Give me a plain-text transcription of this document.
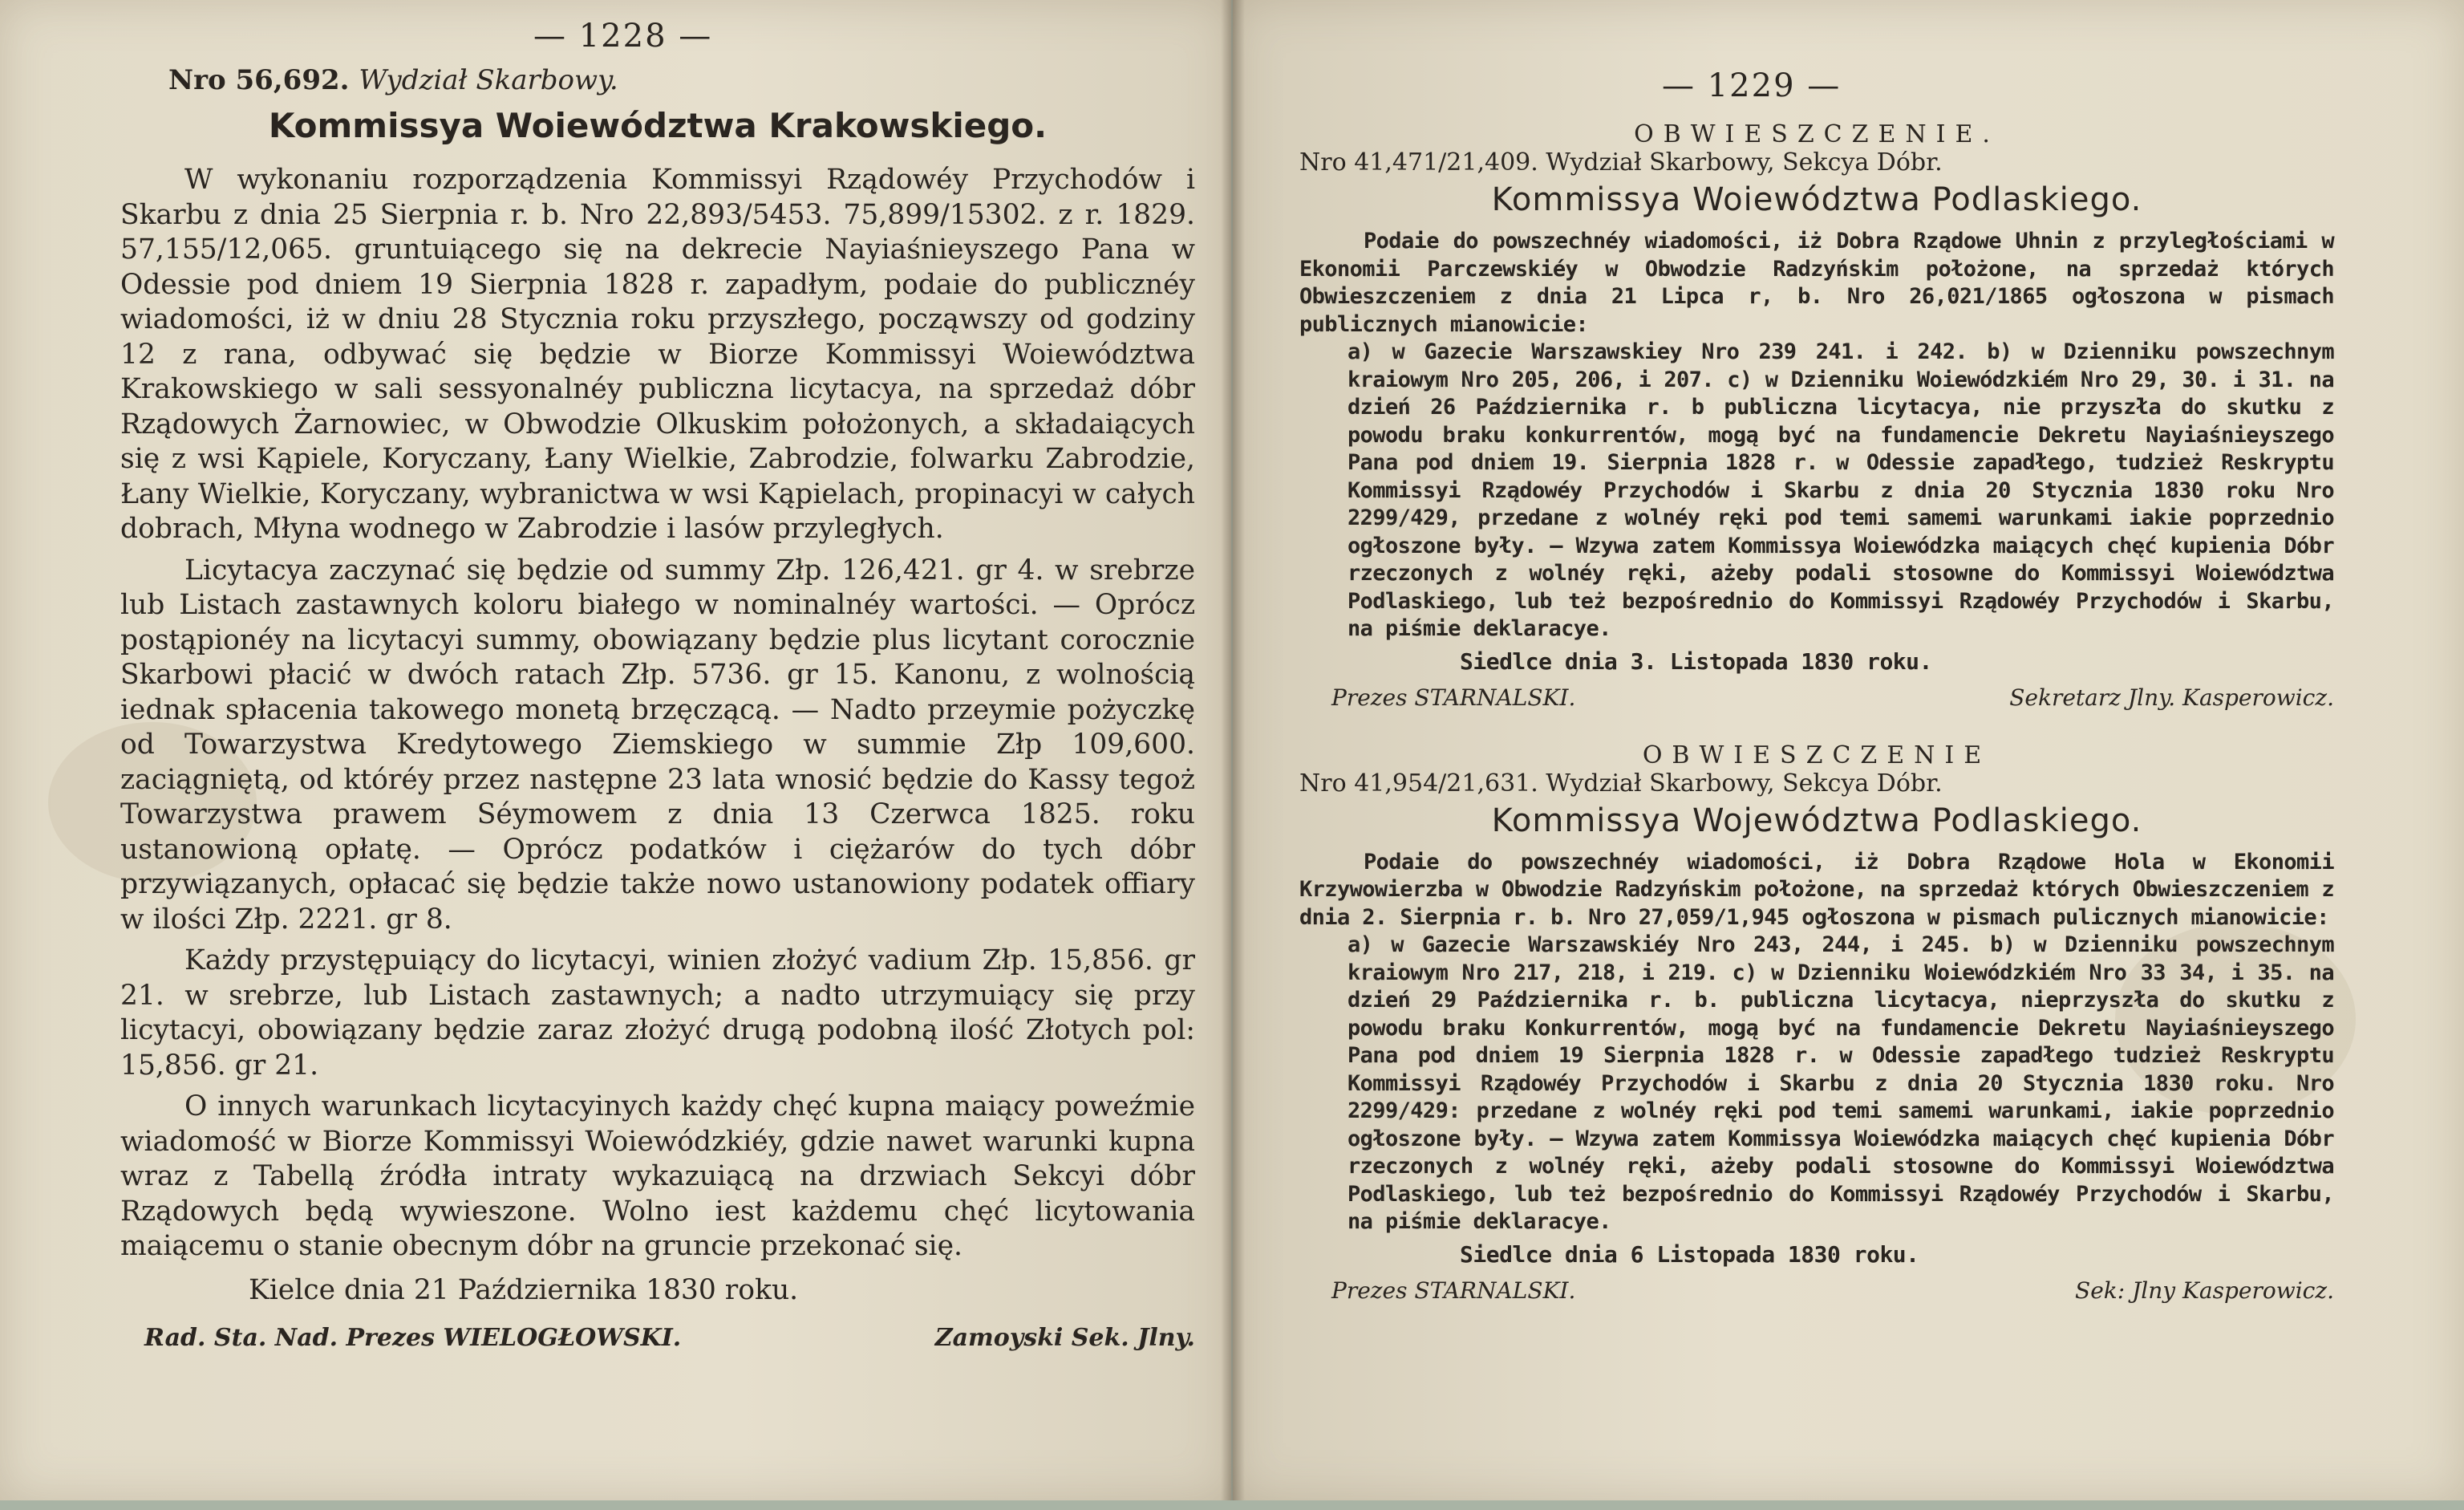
— 1228 —
Nro 56,692. Wydział Skarbowy.
Kommissya Woiewództwa Krakowskiego.

W wykonaniu rozporządzenia Kommissyi Rządowéy Przychodów i Skarbu z dnia 25 Sierpnia r. b. Nro 22,893/5453. 75,899/15302. z r. 1829. 57,155/12,065. gruntuiącego się na dekrecie Nayiaśnieyszego Pana w Odessie pod dniem 19 Sierpnia 1828 r. zapadłym, podaie do publicznéy wiadomości, iż w dniu 28 Stycznia roku przyszłego, począwszy od godziny 12 z rana, odbywać się będzie w Biorze Kommissyi Woiewództwa Krakowskiego w sali sessyonalnéy publiczna licytacya, na sprzedaż dóbr Rządowych Żarnowiec, w Obwodzie Olkuskim położonych, a składaiących się z wsi Kąpiele, Koryczany, Łany Wielkie, Zabrodzie, folwarku Zabrodzie, Łany Wielkie, Koryczany, wybranictwa w wsi Kąpielach, propinacyi w całych dobrach, Młyna wodnego w Zabrodzie i lasów przyległych.

Licytacya zaczynać się będzie od summy Złp. 126,421. gr 4. w srebrze lub Listach zastawnych koloru białego w nominalnéy wartości. — Oprócz postąpionéy na licytacyi summy, obowiązany będzie plus licytant corocznie Skarbowi płacić w dwóch ratach Złp. 5736. gr 15. Kanonu, z wolnością iednak spłacenia takowego monetą brzęczącą. — Nadto przeymie pożyczkę od Towarzystwa Kredytowego Ziemskiego w summie Złp 109,600. zaciągniętą, od któréy przez następne 23 lata wnosić będzie do Kassy tegoż Towarzystwa prawem Séymowem z dnia 13 Czerwca 1825. roku ustanowioną opłatę. — Oprócz podatków i ciężarów do tych dóbr przywiązanych, opłacać się będzie także nowo ustanowiony podatek offiary w ilości Złp. 2221. gr 8.

Każdy przystępuiący do licytacyi, winien złożyć vadium Złp. 15,856. gr 21. w srebrze, lub Listach zastawnych; a nadto utrzymuiący się przy licytacyi, obowiązany będzie zaraz złożyć drugą podobną ilość Złotych pol: 15,856. gr 21.

O innych warunkach licytacyinych każdy chęć kupna maiący poweźmie wiadomość w Biorze Kommissyi Woiewódzkiéy, gdzie nawet warunki kupna wraz z Tabellą źródła intraty wykazuiącą na drzwiach Sekcyi dóbr Rządowych będą wywieszone. Wolno iest każdemu chęć licytowania maiącemu o stanie obecnym dóbr na gruncie przekonać się.

Kielce dnia 21 Października 1830 roku.
Rad. Sta. Nad. Prezes WIELOGŁOWSKI.	Zamoyski Sek. Jlny.
— 1229 —
OBWIESZCZENIE.
Nro 41,471/21,409. Wydział Skarbowy, Sekcya Dóbr.
Kommissya Woiewództwa Podlaskiego.

Podaie do powszechnéy wiadomości, iż Dobra Rządowe Uhnin z przyległościami w Ekonomii Parczewskiéy w Obwodzie Radzyńskim położone, na sprzedaż których Obwieszczeniem z dnia 21 Lipca r, b. Nro 26,021/1865 ogłoszona w pismach publicznych mianowicie:

a) w Gazecie Warszawskiey Nro 239 241. i 242. b) w Dzienniku powszechnym kraiowym Nro 205, 206, i 207. c) w Dzienniku Woiewódzkiém Nro 29, 30. i 31. na dzień 26 Października r. b publiczna licytacya, nie przyszła do skutku z powodu braku konkurrentów, mogą być na fundamencie Dekretu Nayiaśnieyszego Pana pod dniem 19. Sierpnia 1828 r. w Odessie zapadłego, tudzież Reskryptu Kommissyi Rządowéy Przychodów i Skarbu z dnia 20 Stycznia 1830 roku Nro 2299/429, przedane z wolnéy ręki pod temi samemi warunkami iakie poprzednio ogłoszone były. — Wzywa zatem Kommissya Woiewódzka maiących chęć kupienia Dóbr rzeczonych z wolnéy ręki, ażeby podali stosowne do Kommissyi Woiewództwa Podlaskiego, lub też bezpośrednio do Kommissyi Rządowéy Przychodów i Skarbu, na piśmie deklaracye.

Siedlce dnia 3. Listopada 1830 roku.
Prezes STARNALSKI.	Sekretarz Jlny. Kasperowicz.
OBWIESZCZENIE
Nro 41,954/21,631. Wydział Skarbowy, Sekcya Dóbr.
Kommissya Województwa Podlaskiego.

Podaie do powszechnéy wiadomości, iż Dobra Rządowe Hola w Ekonomii Krzywowierzba w Obwodzie Radzyńskim położone, na sprzedaż których Obwieszczeniem z dnia 2. Sierpnia r. b. Nro 27,059/1,945 ogłoszona w pismach pulicznych mianowicie:

a) w Gazecie Warszawskiéy Nro 243, 244, i 245. b) w Dzienniku powszechnym kraiowym Nro 217, 218, i 219. c) w Dzienniku Woiewódzkiém Nro 33 34, i 35. na dzień 29 Października r. b. publiczna licytacya, nieprzyszła do skutku z powodu braku Konkurrentów, mogą być na fundamencie Dekretu Nayiaśnieyszego Pana pod dniem 19 Sierpnia 1828 r. w Odessie zapadłego tudzież Reskryptu Kommissyi Rządowéy Przychodów i Skarbu z dnia 20 Stycznia 1830 roku. Nro 2299/429: przedane z wolnéy ręki pod temi samemi warunkami, iakie poprzednio ogłoszone były. — Wzywa zatem Kommissya Woiewódzka maiących chęć kupienia Dóbr rzeczonych z wolnéy ręki, ażeby podali stosowne do Kommissyi Woiewództwa Podlaskiego, lub też bezpośrednio do Kommissyi Rządowéy Przychodów i Skarbu, na piśmie deklaracye.

Siedlce dnia 6 Listopada 1830 roku.
Prezes STARNALSKI.	Sek: Jlny Kasperowicz.
